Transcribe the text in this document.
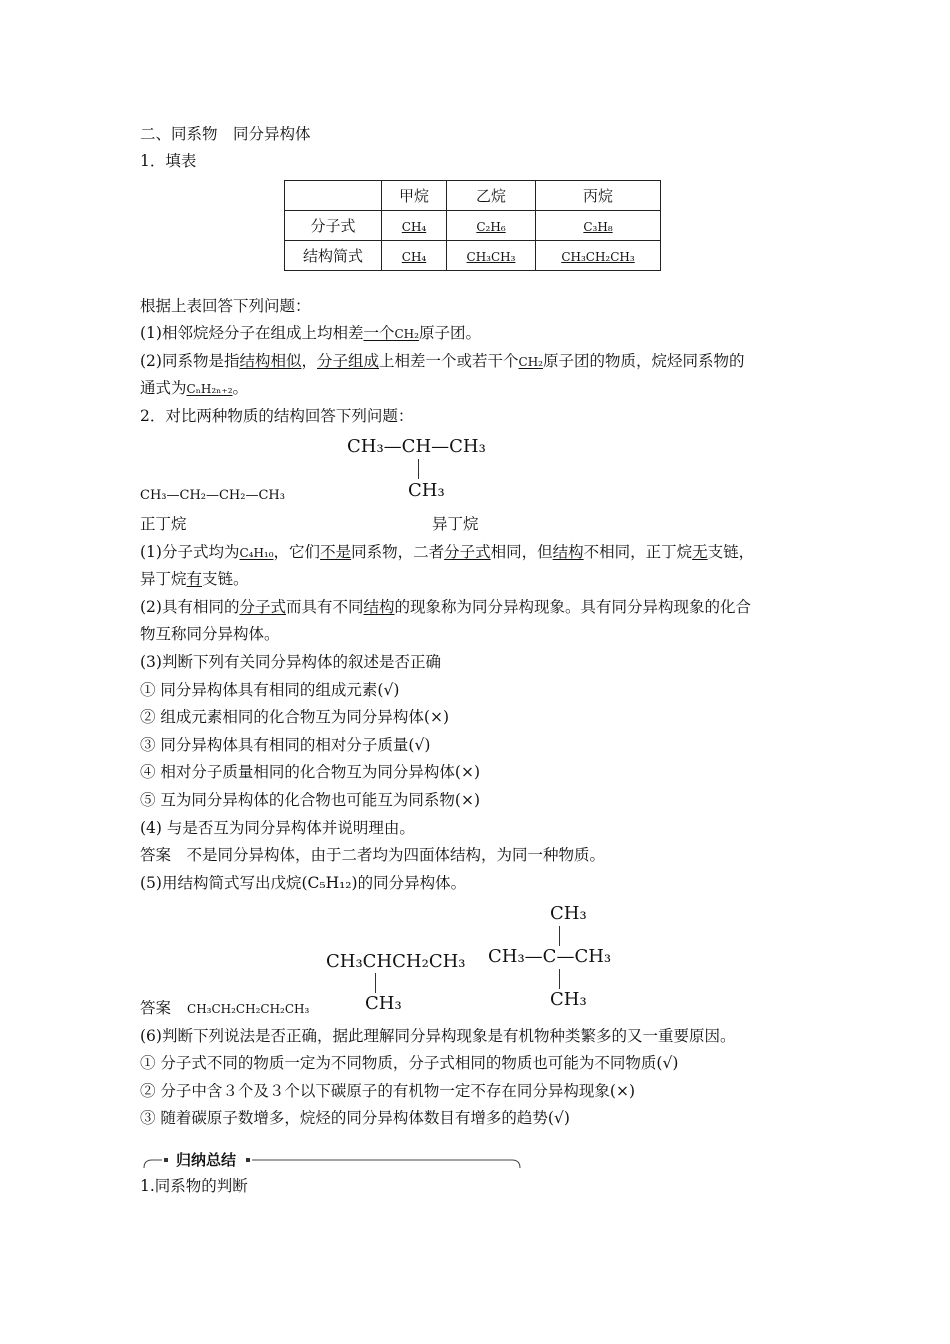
二、同系物　同分异构体
1．填表
	甲烷	乙烷	丙烷
分子式	CH₄	C₂H₆	C₃H₈
结构简式	CH₄	CH₃CH₃	CH₃CH₂CH₃
根据上表回答下列问题：
(1)相邻烷烃分子在组成上均相差一个CH₂原子团。
(2)同系物是指结构相似，分子组成上相差一个或若干个CH₂原子团的物质，烷烃同系物的
通式为CₙH₂ₙ₊₂。
2．对比两种物质的结构回答下列问题：
CH₃—CH—CH₃
CH₃
CH₃—CH₂—CH₂—CH₃
正丁烷	异丁烷
(1)分子式均为C₄H₁₀，它们不是同系物，二者分子式相同，但结构不相同，正丁烷无支链，
异丁烷有支链。
(2)具有相同的分子式而具有不同结构的现象称为同分异构现象。具有同分异构现象的化合
物互称同分异构体。
(3)判断下列有关同分异构体的叙述是否正确
① 同分异构体具有相同的组成元素(√)
② 组成元素相同的化合物互为同分异构体(×)
③ 同分异构体具有相同的相对分子质量(√)
④ 相对分子质量相同的化合物互为同分异构体(×)
⑤ 互为同分异构体的化合物也可能互为同系物(×)
(4) 与是否互为同分异构体并说明理由。
答案　不是同分异构体，由于二者均为四面体结构，为同一种物质。
(5)用结构简式写出戊烷(C₅H₁₂)的同分异构体。
CH₃CHCH₂CH₃
CH₃
CH₃
CH₃—C—CH₃
CH₃
答案 CH₃CH₂CH₂CH₂CH₃
(6)判断下列说法是否正确，据此理解同分异构现象是有机物种类繁多的又一重要原因。
① 分子式不同的物质一定为不同物质，分子式相同的物质也可能为不同物质(√)
② 分子中含３个及３个以下碳原子的有机物一定不存在同分异构现象(×)
③ 随着碳原子数增多，烷烃的同分异构体数目有增多的趋势(√)
归纳总结
1.同系物的判断
